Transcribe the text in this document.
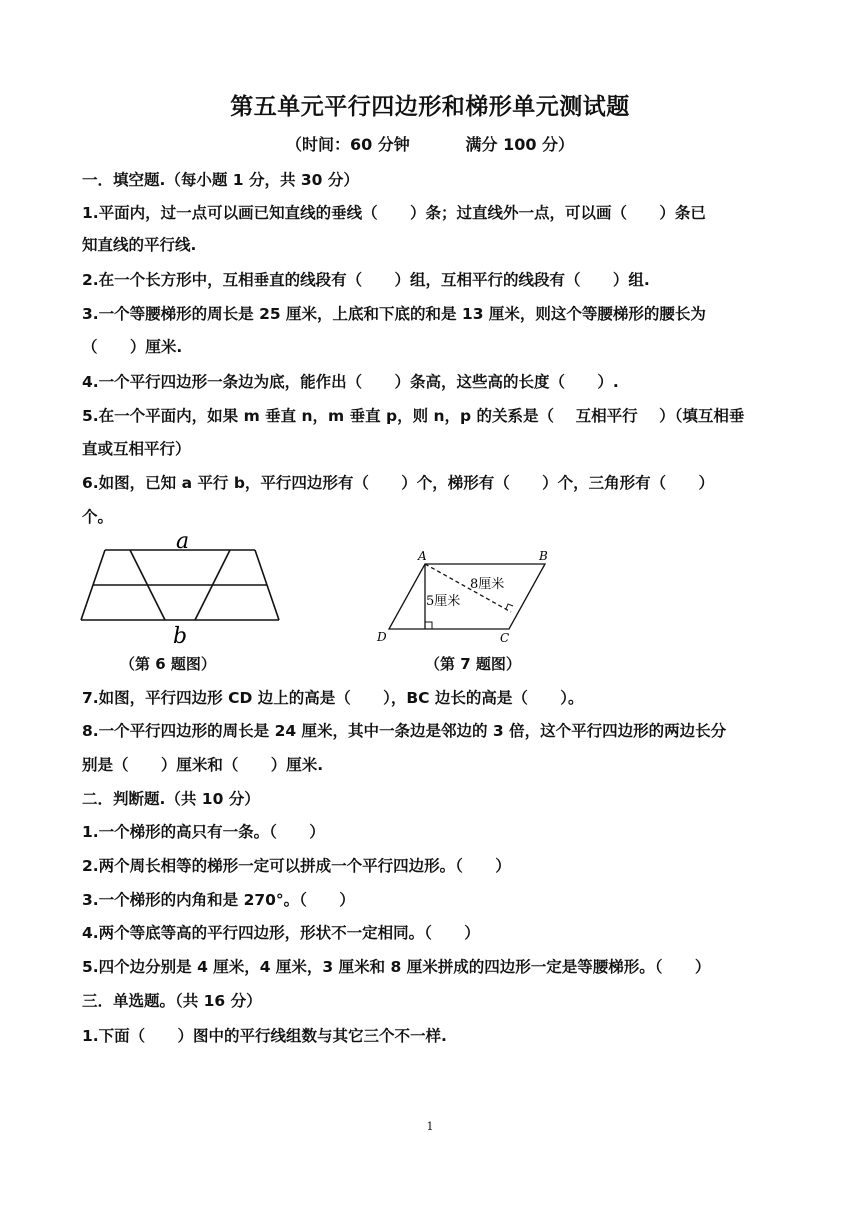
第五单元平行四边形和梯形单元测试题
（时间：60 分钟          满分 100 分）
一．填空题.（每小题 1 分，共 30 分）
1.平面内，过一点可以画已知直线的垂线（      ）条；过直线外一点，可以画（      ）条已
知直线的平行线.
2.在一个长方形中，互相垂直的线段有（      ）组，互相平行的线段有（      ）组.
3.一个等腰梯形的周长是 25 厘米，上底和下底的和是 13 厘米，则这个等腰梯形的腰长为
（      ）厘米.
4.一个平行四边形一条边为底，能作出（      ）条高，这些高的长度（      ）.
5.在一个平面内，如果 m 垂直 n，m 垂直 p，则 n，p 的关系是（    互相平行    ）（填互相垂
直或互相平行）
6.如图，已知 a 平行 b，平行四边形有（      ）个，梯形有（      ）个，三角形有（      ）
个。
a
b
A	B
C
D
8厘米
5厘米
（第 6 题图）	（第 7 题图）
7.如图，平行四边形 CD 边上的高是（      ），BC 边长的高是（      ）。
8.一个平行四边形的周长是 24 厘米，其中一条边是邻边的 3 倍，这个平行四边形的两边长分
别是（      ）厘米和（      ）厘米.
二．判断题.（共 10 分）
1.一个梯形的高只有一条。（      ）
2.两个周长相等的梯形一定可以拼成一个平行四边形。（      ）
3.一个梯形的内角和是 270°。（      ）
4.两个等底等高的平行四边形，形状不一定相同。（      ）
5.四个边分别是 4 厘米，4 厘米，3 厘米和 8 厘米拼成的四边形一定是等腰梯形。（      ）
三．单选题。（共 16 分）
1.下面（      ）图中的平行线组数与其它三个不一样.
1
